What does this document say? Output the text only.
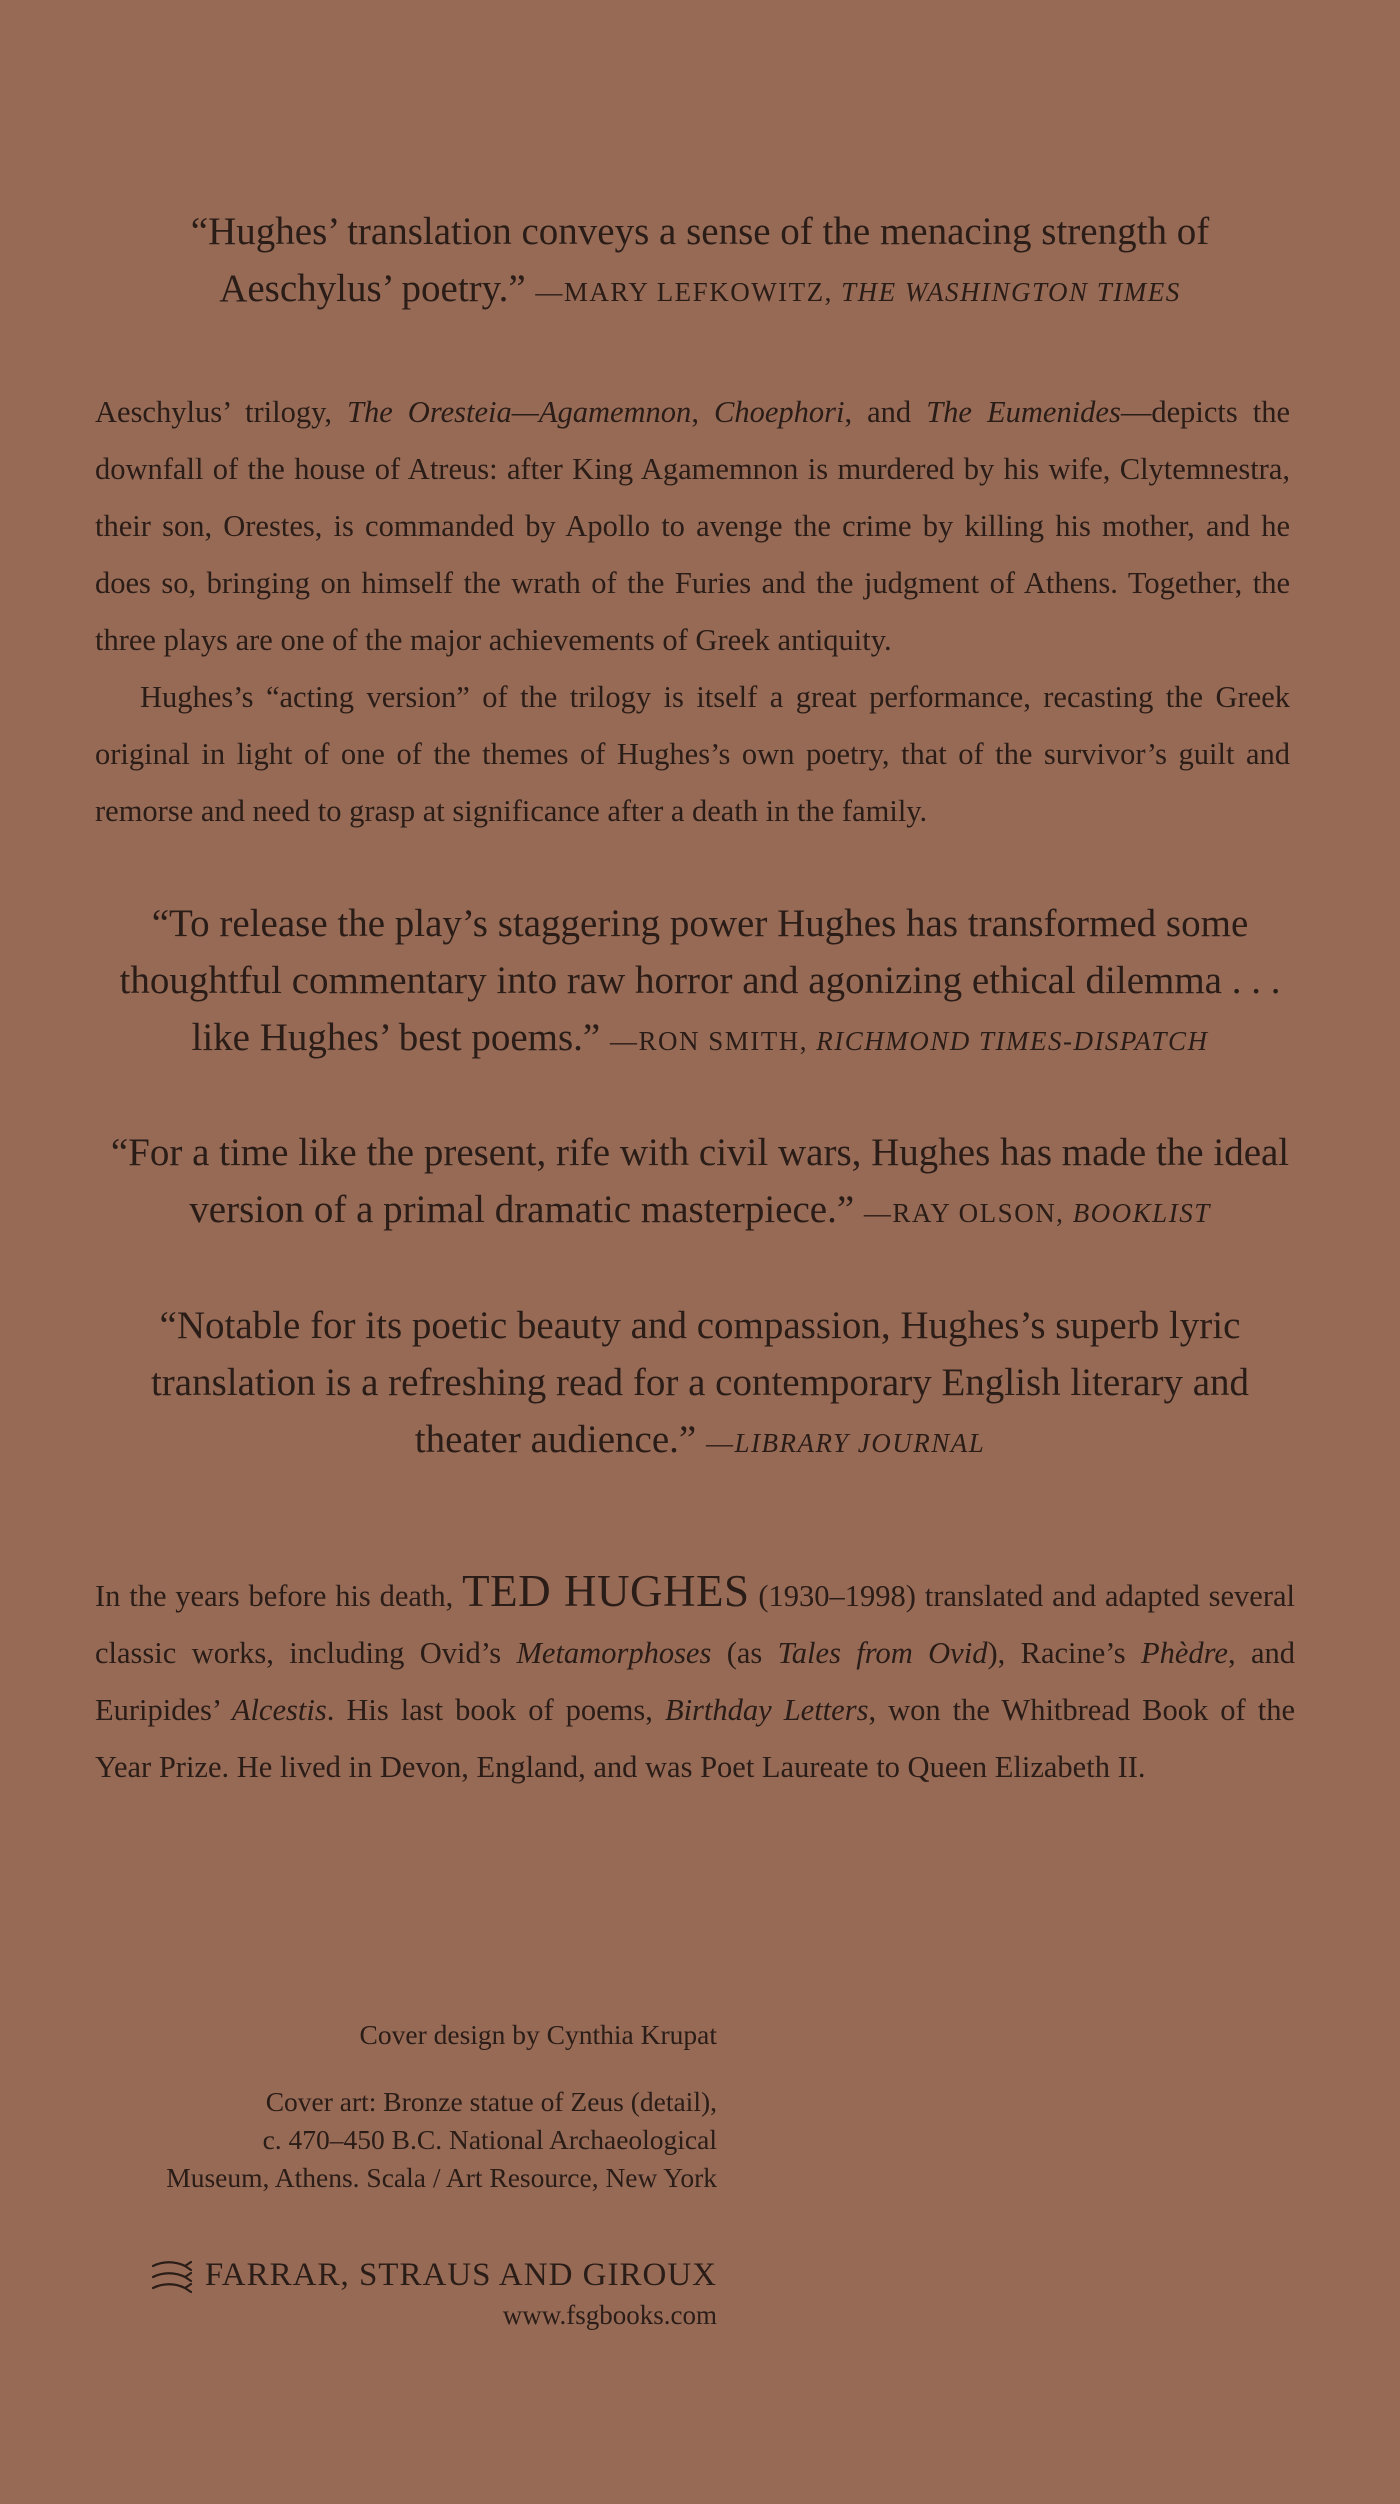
“Hughes’ translation conveys a sense of the menacing strength of Aeschylus’ poetry.” —MARY LEFKOWITZ, THE WASHINGTON TIMES

Aeschylus’ trilogy, The Oresteia—Agamemnon, Choephori, and The Eumenides—depicts the downfall of the house of Atreus: after King Agamemnon is murdered by his wife, Clytemnestra, their son, Orestes, is commanded by Apollo to avenge the crime by killing his mother, and he does so, bringing on himself the wrath of the Furies and the judgment of Athens. Together, the three plays are one of the major achievements of Greek antiquity.

Hughes’s “acting version” of the trilogy is itself a great performance, recasting the Greek original in light of one of the themes of Hughes’s own poetry, that of the survivor’s guilt and remorse and need to grasp at significance after a death in the family.

“To release the play’s staggering power Hughes has transformed some thoughtful commentary into raw horror and agonizing ethical dilemma . . . like Hughes’ best poems.” —RON SMITH, RICHMOND TIMES-DISPATCH
“For a time like the present, rife with civil wars, Hughes has made the ideal version of a primal dramatic masterpiece.” —RAY OLSON, BOOKLIST
“Notable for its poetic beauty and compassion, Hughes’s superb lyric translation is a refreshing read for a contemporary English literary and theater audience.” —LIBRARY JOURNAL

In the years before his death, TED HUGHES (1930–1998) translated and adapted several classic works, including Ovid’s Metamorphoses (as Tales from Ovid), Racine’s Phèdre, and Euripides’ Alcestis. His last book of poems, Birthday Letters, won the Whitbread Book of the Year Prize. He lived in Devon, England, and was Poet Laureate to Queen Elizabeth II.

Cover design by Cynthia Krupat
Cover art: Bronze statue of Zeus (detail),
c. 470–450 B.C. National Archaeological
Museum, Athens. Scala / Art Resource, New York
FARRAR, STRAUS AND GIROUX
www.fsgbooks.com
